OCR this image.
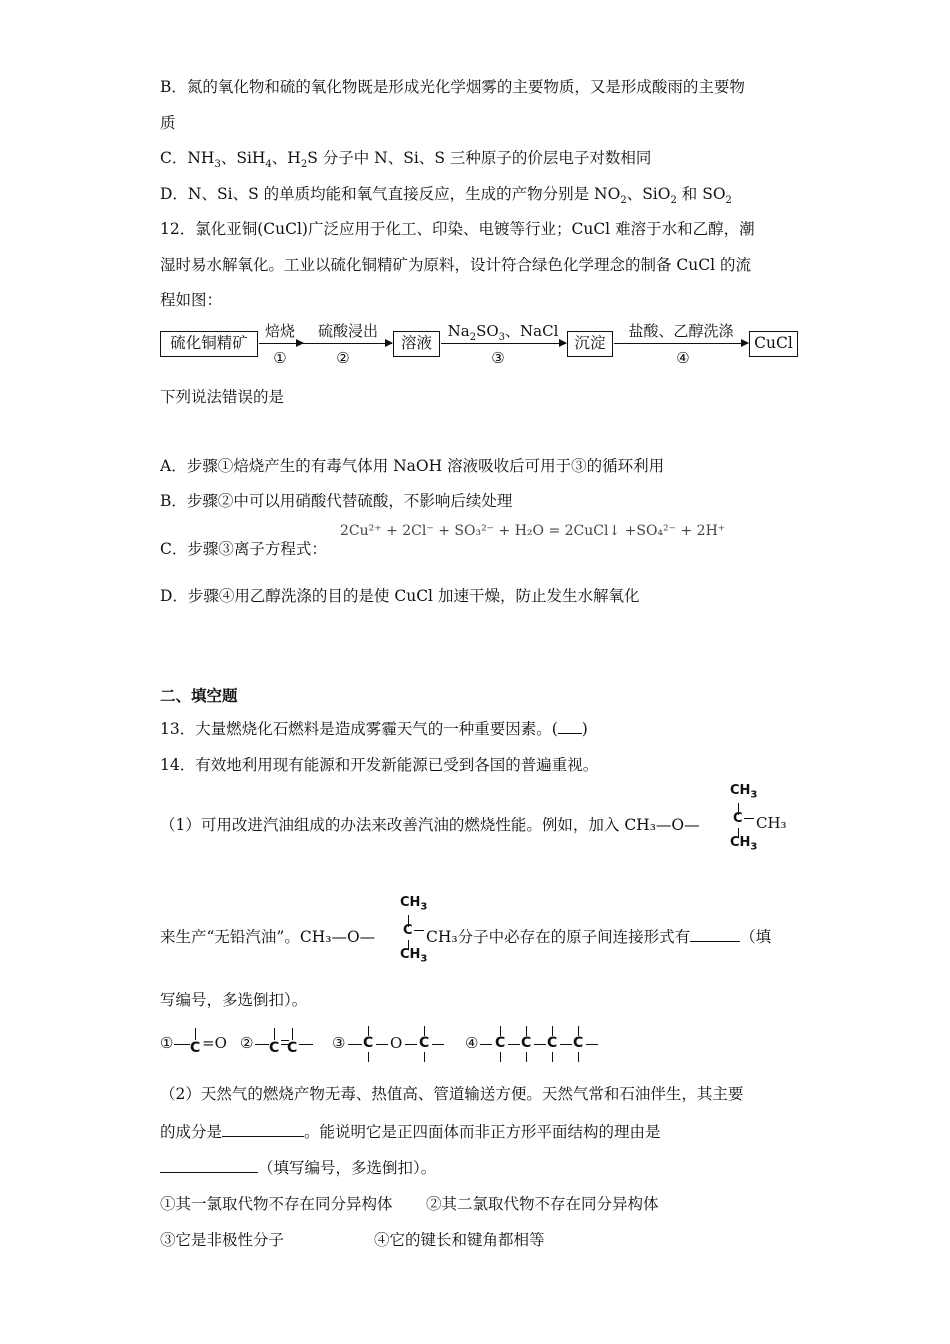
B．氮的氧化物和硫的氧化物既是形成光化学烟雾的主要物质，又是形成酸雨的主要物
质
C．$NH_3$、SiH$_4$、$H_2S$ 分子中 N、Si、S 三种原子的价层电子对数相同
D．N、Si、S 的单质均能和氧气直接反应，生成的产物分别是 $NO_2$、SiO$_2$ 和 $SO_2$
12．氯化亚铜(CuCl)广泛应用于化工、印染、电镀等行业；CuCl 难溶于水和乙醇，潮
湿时易水解氧化。工业以硫化铜精矿为原料，设计符合绿色化学理念的制备 CuCl 的流
程如图：
硫化铜精矿
焙烧
①
硫酸浸出
②
溶液
$Na_2SO_3$、NaCl
③
沉淀
盐酸、乙醇洗涤
④
CuCl
下列说法错误的是
A．步骤①焙烧产生的有毒气体用 NaOH 溶液吸收后可用于③的循环利用
B．步骤②中可以用硝酸代替硫酸，不影响后续处理
C．步骤③离子方程式：
2Cu²⁺ + 2Cl⁻ + SO₃²⁻ + H₂O = 2CuCl↓ +SO₄²⁻ + 2H⁺
D．步骤④用乙醇洗涤的目的是使 CuCl 加速干燥，防止发生水解氧化
二、填空题
13．大量燃烧化石燃料是造成雾霾天气的一种重要因素。( )
14．有效地利用现有能源和开发新能源已受到各国的普遍重视。
（1）可用改进汽油组成的办法来改善汽油的燃烧性能。例如，加入 CH₃—O—
$CH_3$
C CH₃
$CH_3$
来生产“无铅汽油”。CH₃—O—
$CH_3$
C
$CH_3$
CH₃分子中必存在的原子间连接形式有	（填
写编号，多选倒扣）。
① C =O ② C C ③ C O C ④ C C C C
（2）天然气的燃烧产物无毒、热值高、管道输送方便。天然气常和石油伴生，其主要
的成分是	。能说明它是正四面体而非正方形平面结构的理由是
（填写编号，多选倒扣）。
①其一氯取代物不存在同分异构体 ②其二氯取代物不存在同分异构体
③它是非极性分子	④它的键长和键角都相等
